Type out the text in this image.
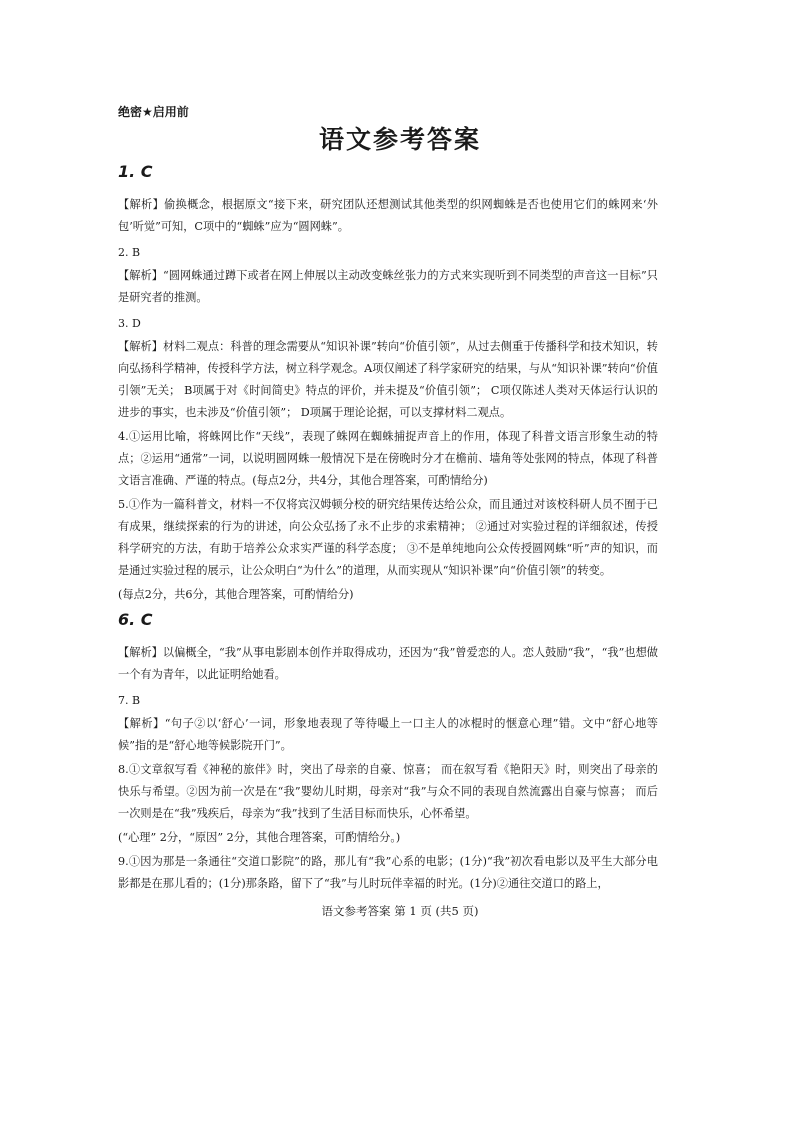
绝密★启用前
语文参考答案
1. C

【解析】偷换概念，根据原文“接下来，研究团队还想测试其他类型的织网蜘蛛是否也使用它们的蛛网来‘外包’听觉”可知，C项中的“蜘蛛”应为“圆网蛛”。

2. B

【解析】“圆网蛛通过蹲下或者在网上伸展以主动改变蛛丝张力的方式来实现听到不同类型的声音这一目标”只是研究者的推测。

3. D

【解析】材料二观点：科普的理念需要从“知识补课”转向“价值引领”，从过去侧重于传播科学和技术知识，转向弘扬科学精神，传授科学方法，树立科学观念。A项仅阐述了科学家研究的结果，与从“知识补课”转向“价值引领”无关； B项属于对《时间简史》特点的评价，并未提及“价值引领”； C项仅陈述人类对天体运行认识的进步的事实，也未涉及“价值引领”； D项属于理论论据，可以支撑材料二观点。

4.①运用比喻，将蛛网比作“天线”，表现了蛛网在蜘蛛捕捉声音上的作用，体现了科普文语言形象生动的特点；②运用“通常”一词，以说明圆网蛛一般情况下是在傍晚时分才在檐前、墙角等处张网的特点，体现了科普文语言准确、严谨的特点。(每点2分，共4分，其他合理答案，可酌情给分)

5.①作为一篇科普文，材料一不仅将宾汉姆顿分校的研究结果传达给公众，而且通过对该校科研人员不囿于已有成果，继续探索的行为的讲述，向公众弘扬了永不止步的求索精神； ②通过对实验过程的详细叙述，传授科学研究的方法，有助于培养公众求实严谨的科学态度； ③不是单纯地向公众传授圆网蛛“听”声的知识，而是通过实验过程的展示，让公众明白“为什么”的道理，从而实现从“知识补课”向“价值引领”的转变。

(每点2分，共6分，其他合理答案，可酌情给分)

6. C

【解析】以偏概全，“我”从事电影剧本创作并取得成功，还因为“我”曾爱恋的人。恋人鼓励“我”，“我”也想做一个有为青年，以此证明给她看。

7. B

【解析】“句子②以‘舒心’一词，形象地表现了等待嘬上一口主人的冰棍时的惬意心理”错。文中“舒心地等候”指的是“舒心地等候影院开门”。

8.①文章叙写看《神秘的旅伴》时，突出了母亲的自豪、惊喜； 而在叙写看《艳阳天》时，则突出了母亲的快乐与希望。②因为前一次是在“我”婴幼儿时期，母亲对“我”与众不同的表现自然流露出自豪与惊喜； 而后一次则是在“我”残疾后，母亲为“我”找到了生活目标而快乐，心怀希望。

(“心理” 2分，“原因” 2分，其他合理答案，可酌情给分。)

9.①因为那是一条通往“交道口影院”的路，那儿有“我”心系的电影；(1分)“我”初次看电影以及平生大部分电影都是在那儿看的；(1分)那条路，留下了“我”与儿时玩伴幸福的时光。(1分)②通往交道口的路上，

语文参考答案 第 1 页 (共5 页)
